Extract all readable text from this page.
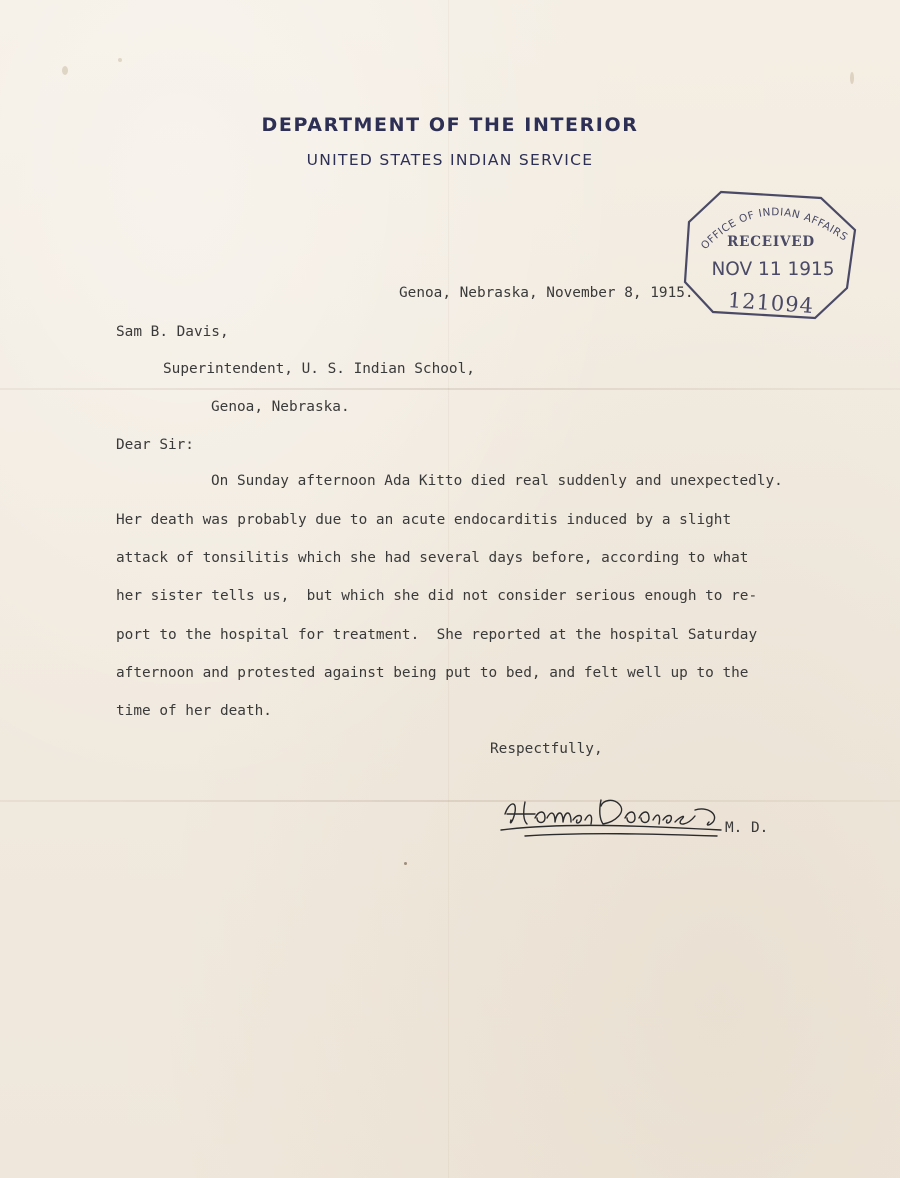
DEPARTMENT OF THE INTERIOR
UNITED STATES INDIAN SERVICE
OFFICE OF INDIAN AFFAIRS
RECEIVED
NOV 11 1915
121094
Genoa, Nebraska, November 8, 1915.
Sam B. Davis,
Superintendent, U. S. Indian School,
Genoa, Nebraska.
Dear Sir:
On Sunday afternoon Ada Kitto died real suddenly and unexpectedly.
Her death was probably due to an acute endocarditis induced by a slight
attack of tonsilitis which she had several days before, according to what
her sister tells us,  but which she did not consider serious enough to re-
port to the hospital for treatment.  She reported at the hospital Saturday
afternoon and protested against being put to bed, and felt well up to the
time of her death.
Respectfully,
M. D.
